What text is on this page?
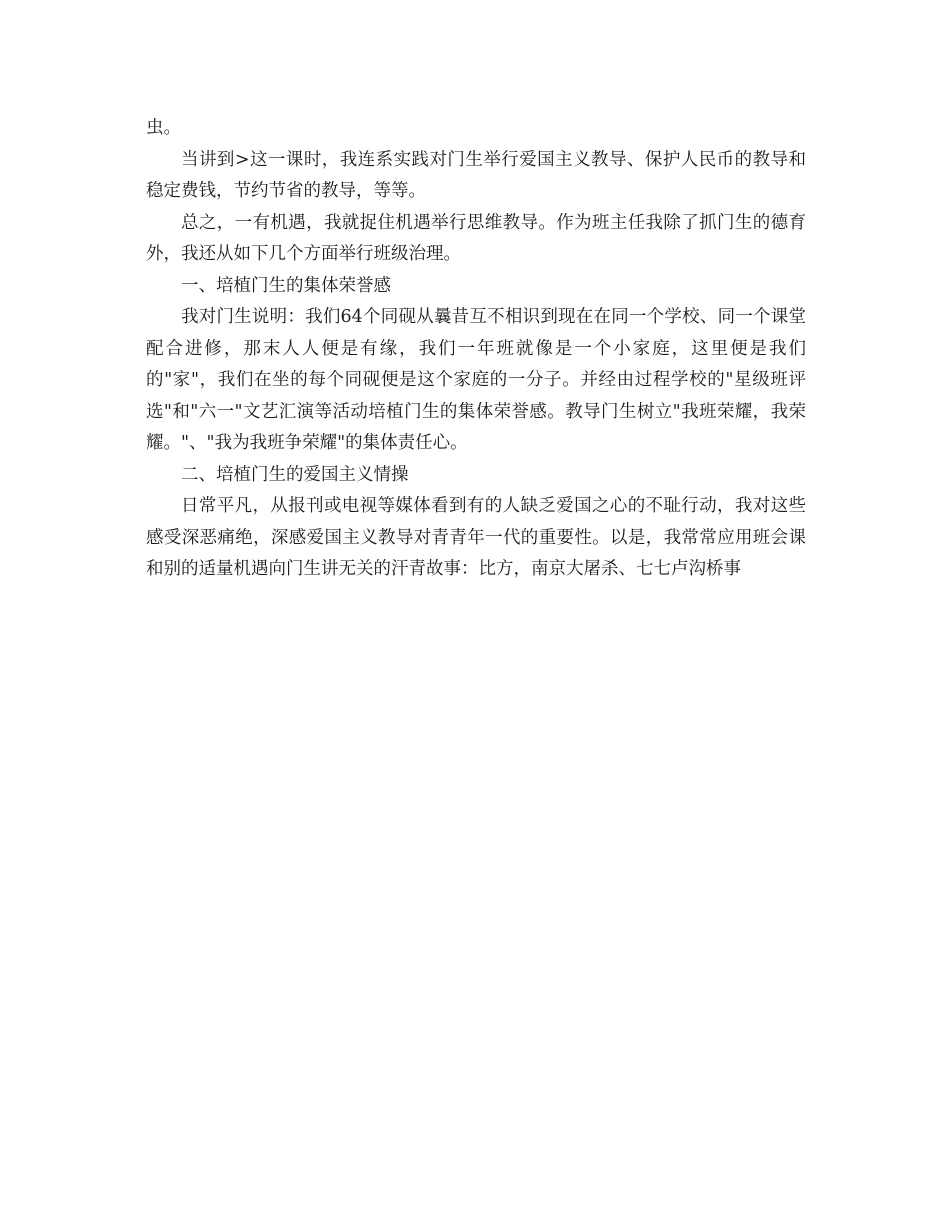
虫。

当讲到>这一课时，我连系实践对门生举行爱国主义教导、保护人民币的教导和稳定费钱，节约节省的教导，等等。

总之，一有机遇，我就捉住机遇举行思维教导。作为班主任我除了抓门生的德育外，我还从如下几个方面举行班级治理。

一、培植门生的集体荣誉感

我对门生说明：我们64个同砚从曩昔互不相识到现在在同一个学校、同一个课堂配合进修，那末人人便是有缘，我们一年班就像是一个小家庭，这里便是我们的"家"，我们在坐的每个同砚便是这个家庭的一分子。并经由过程学校的"星级班评选"和"六一"文艺汇演等活动培植门生的集体荣誉感。教导门生树立"我班荣耀，我荣耀。"、"我为我班争荣耀"的集体责任心。

二、培植门生的爱国主义情操

日常平凡，从报刊或电视等媒体看到有的人缺乏爱国之心的不耻行动，我对这些感受深恶痛绝，深感爱国主义教导对青青年一代的重要性。以是，我常常应用班会课和别的适量机遇向门生讲无关的汗青故事：比方，南京大屠杀、七七卢沟桥事
